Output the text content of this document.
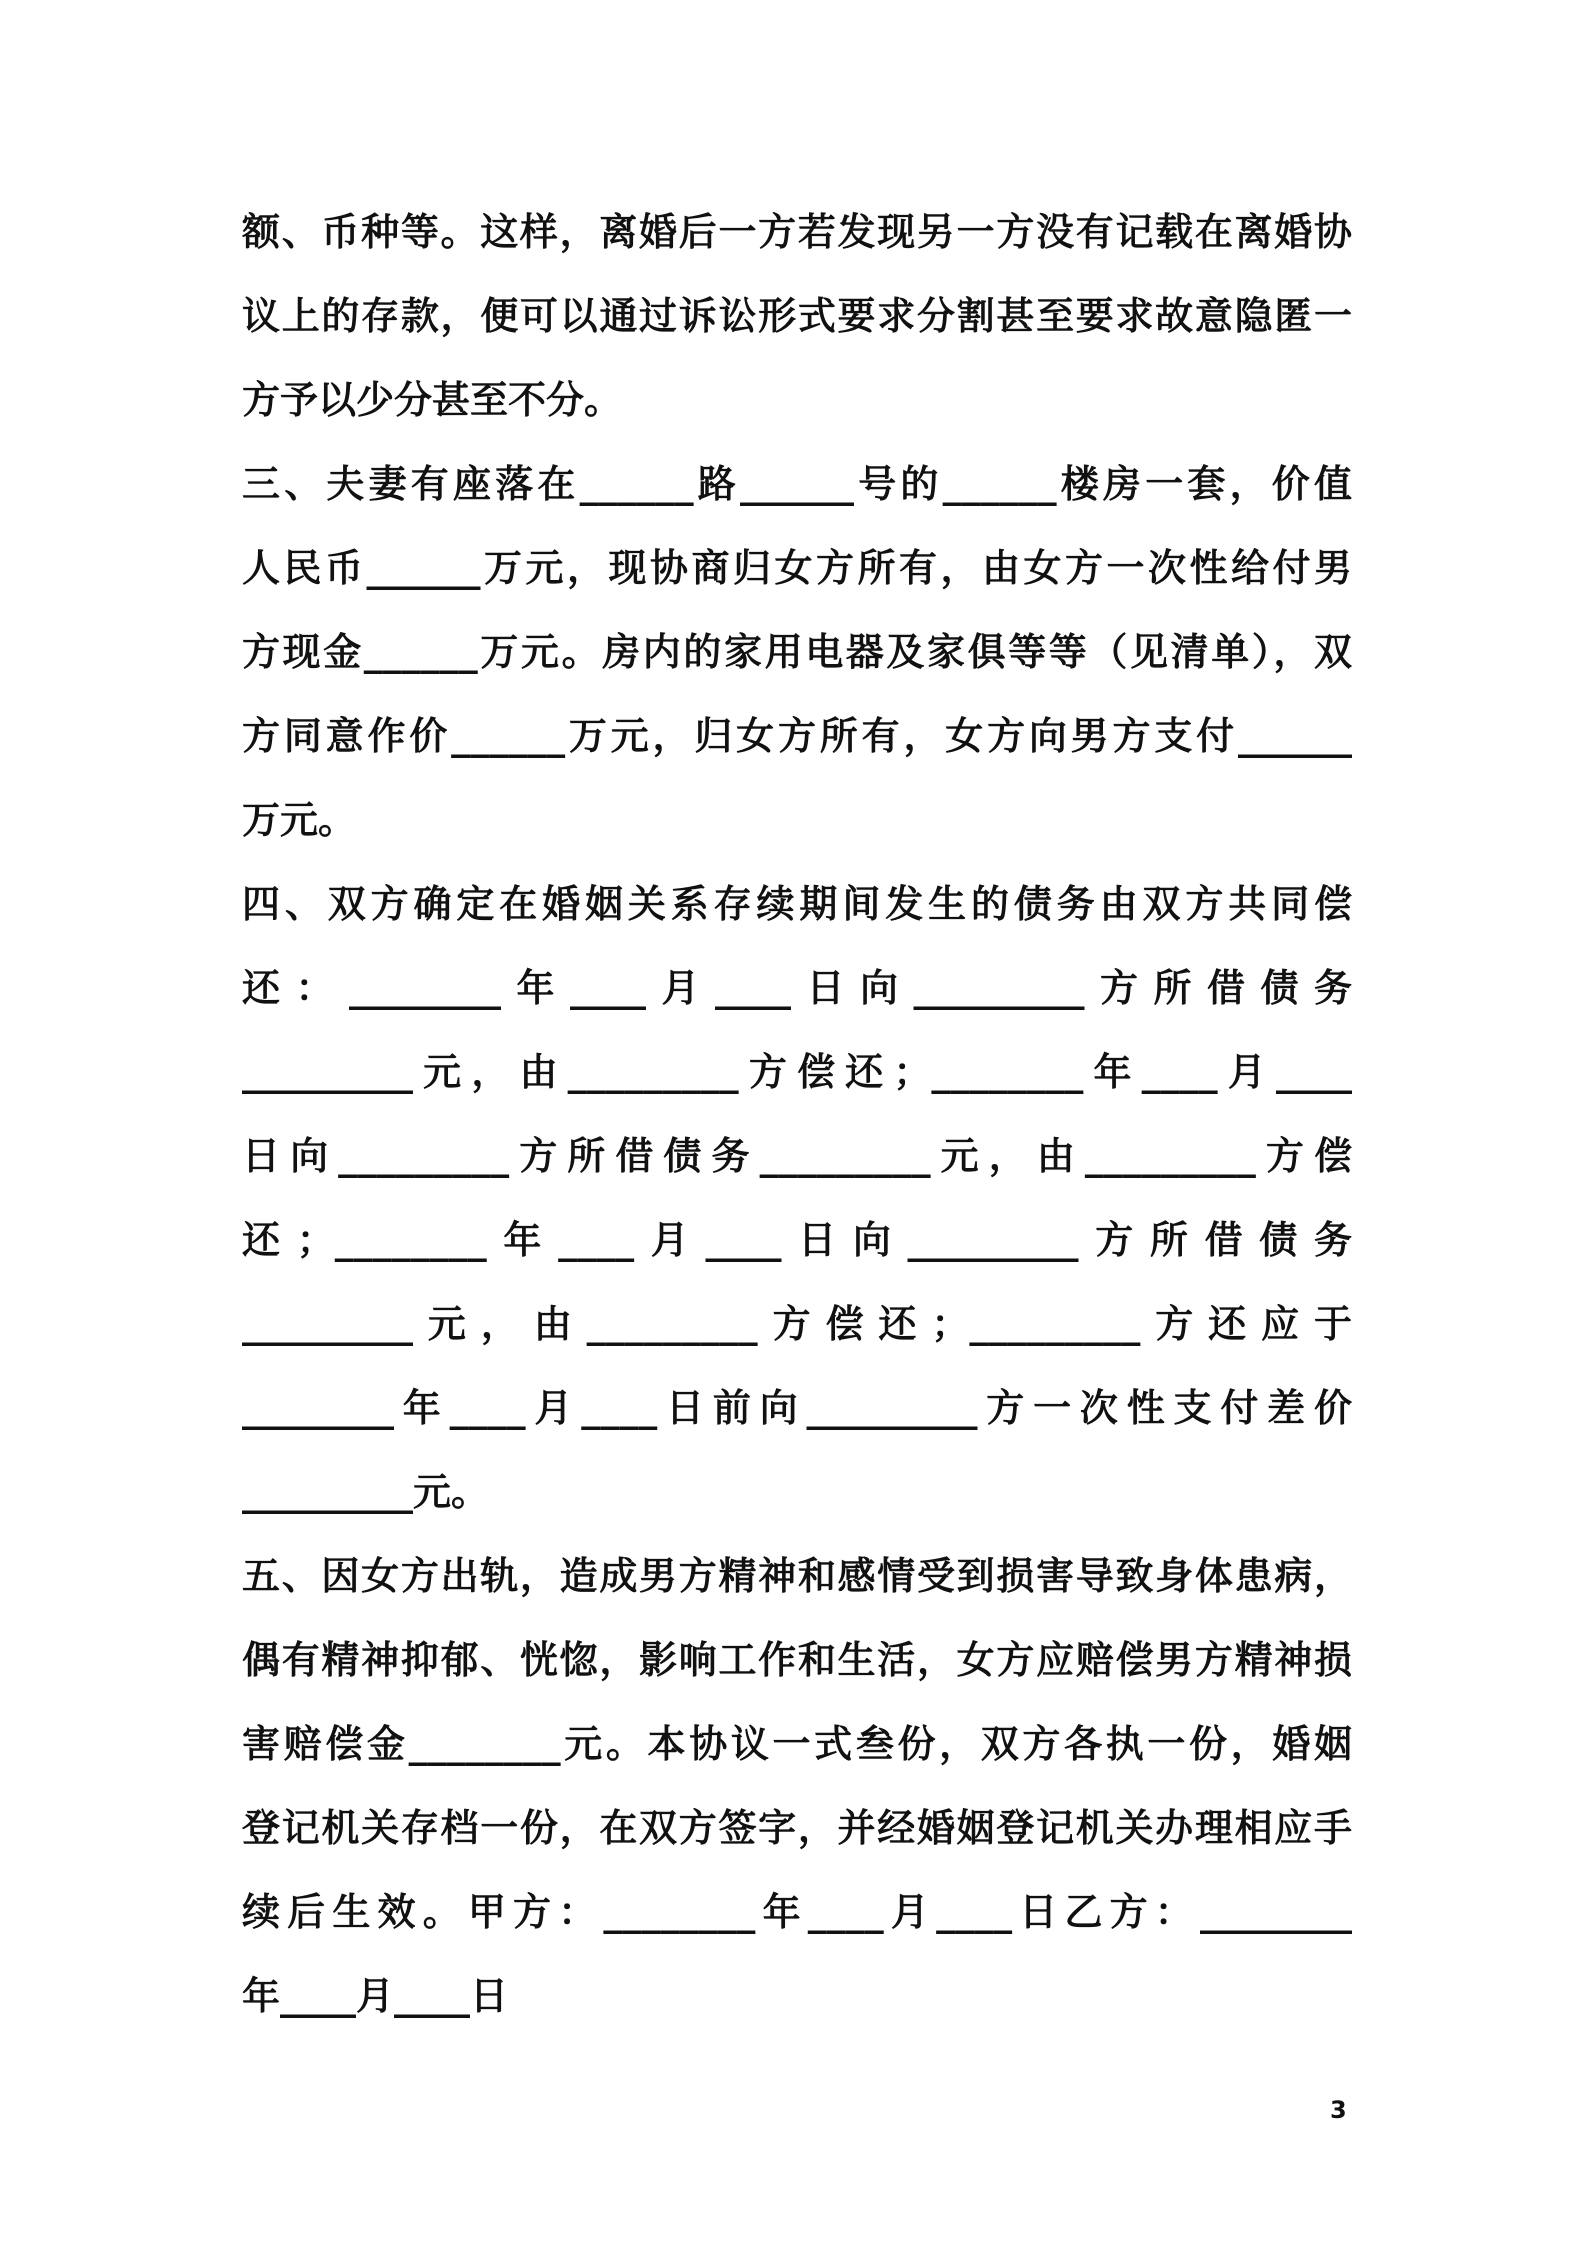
额、币种等。这样，离婚后一方若发现另一方没有记载在离婚协
议上的存款，便可以通过诉讼形式要求分割甚至要求故意隐匿一
方予以少分甚至不分。
三、夫妻有座落在______路______号的______楼房一套，价值
人民币______万元，现协商归女方所有，由女方一次性给付男
方现金______万元。房内的家用电器及家俱等等（见清单），双
方同意作价______万元，归女方所有，女方向男方支付______
万元。
四、双方确定在婚姻关系存续期间发生的债务由双方共同偿
还：________年____月____日向_________方所借债务
_________元，由_________方偿还；________年____月____
日向_________方所借债务_________元，由_________方偿
还；________年____月____日向_________方所借债务
_________元，由_________方偿还；_________方还应于
________年____月____日前向_________方一次性支付差价
_________元。
五、因女方出轨，造成男方精神和感情受到损害导致身体患病，
偶有精神抑郁、恍惚，影响工作和生活，女方应赔偿男方精神损
害赔偿金________元。本协议一式叁份，双方各执一份，婚姻
登记机关存档一份，在双方签字，并经婚姻登记机关办理相应手
续后生效。甲方：________年____月____日乙方：________
年____月____日
3
